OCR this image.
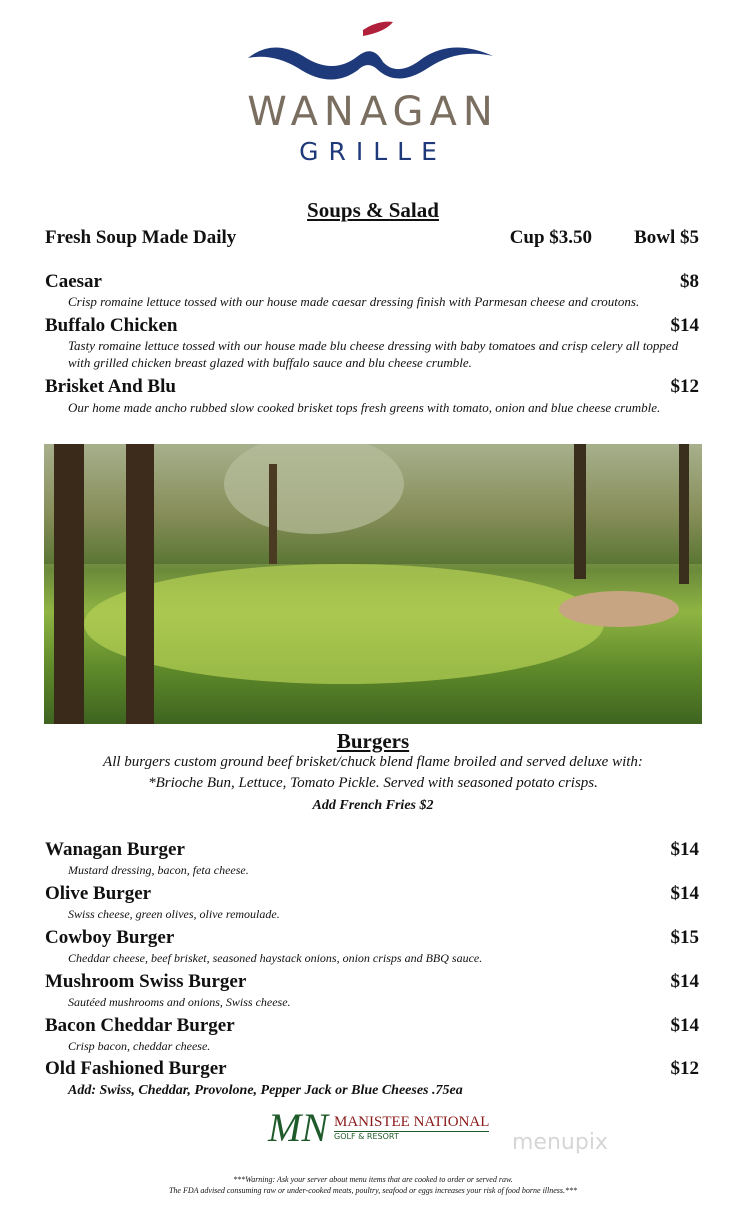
WANAGAN
GRILLE
Soups & Salad
Fresh Soup Made Daily	Cup $3.50 Bowl $5
Caesar	$8
Crisp romaine lettuce tossed with our house made caesar dressing finish with Parmesan cheese and croutons.
Buffalo Chicken	$14
Tasty romaine lettuce tossed with our house made blu cheese dressing with baby tomatoes and crisp celery all topped with grilled chicken breast glazed with buffalo sauce and blu cheese crumble.
Brisket And Blu	$12
Our home made ancho rubbed slow cooked brisket tops fresh greens with tomato, onion and blue cheese crumble.
Burgers
All burgers custom ground beef brisket/chuck blend flame broiled and served deluxe with:
*Brioche Bun, Lettuce, Tomato Pickle. Served with seasoned potato crisps.
Add French Fries $2
Wanagan Burger	$14
Mustard dressing, bacon, feta cheese.
Olive Burger	$14
Swiss cheese, green olives, olive remoulade.
Cowboy Burger	$15
Cheddar cheese, beef brisket, seasoned haystack onions, onion crisps and BBQ sauce.
Mushroom Swiss Burger	$14
Sautéed mushrooms and onions, Swiss cheese.
Bacon Cheddar Burger	$14
Crisp bacon, cheddar cheese.
Old Fashioned Burger	$12
Add: Swiss, Cheddar, Provolone, Pepper Jack or Blue Cheeses .75ea
MN MANISTEE NATIONAL
GOLF & RESORT	menupix
***Warning: Ask your server about menu items that are cooked to order or served raw.
The FDA advised consuming raw or under-cooked meats, poultry, seafood or eggs increases your risk of food borne illness.***
